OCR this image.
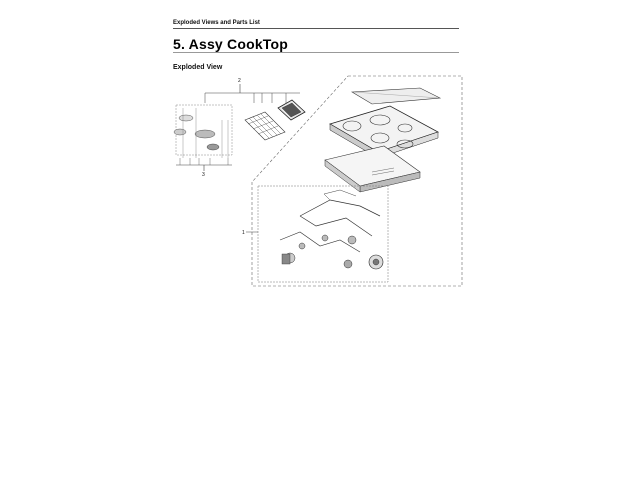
Exploded Views and Parts List
5. Assy CookTop
Exploded View
2
3
1
